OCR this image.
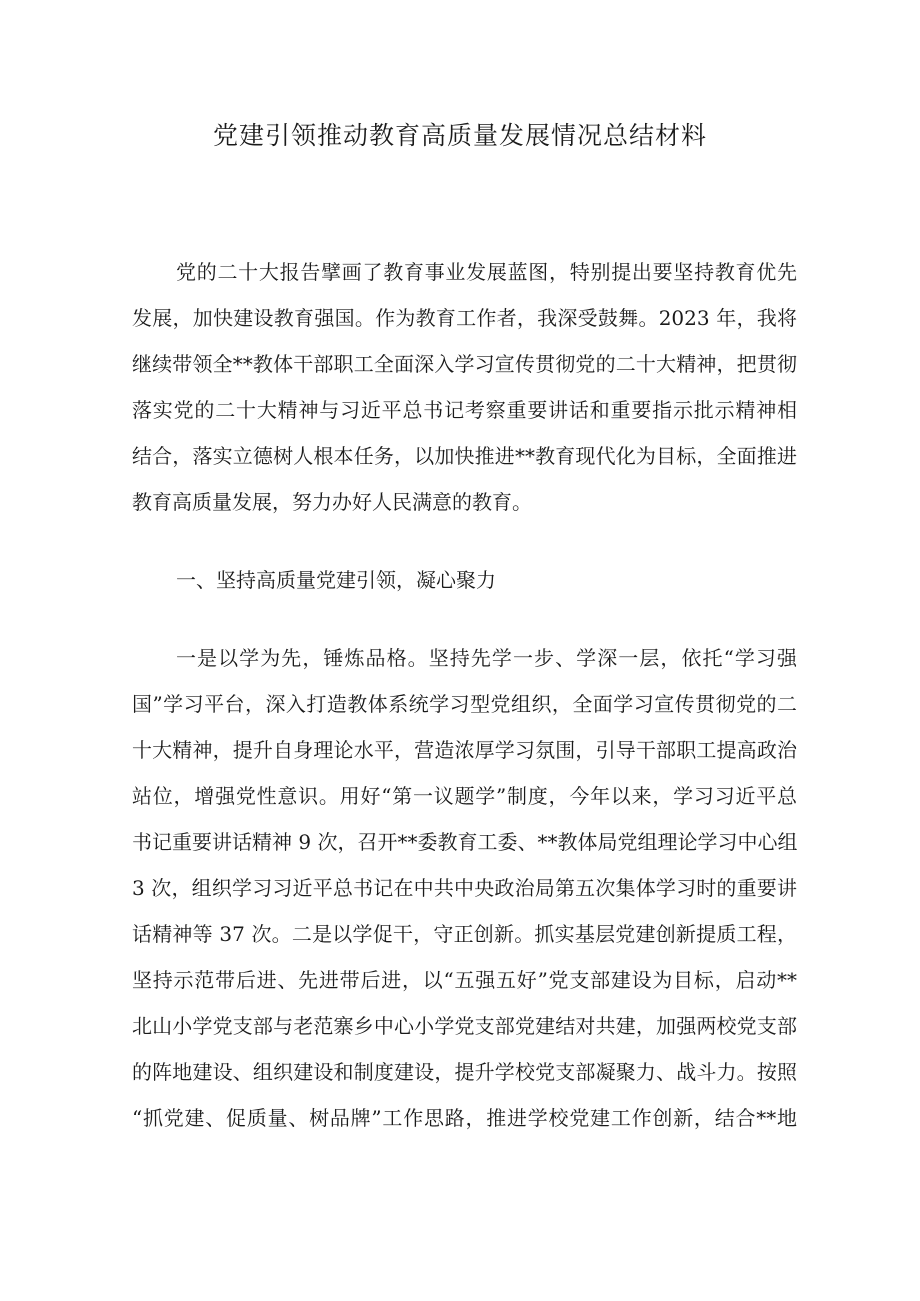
党建引领推动教育高质量发展情况总结材料
党的二十大报告擘画了教育事业发展蓝图，特别提出要坚持教育优先
发展，加快建设教育强国。作为教育工作者，我深受鼓舞。2023 年，我将
继续带领全**教体干部职工全面深入学习宣传贯彻党的二十大精神，把贯彻
落实党的二十大精神与习近平总书记考察重要讲话和重要指示批示精神相
结合，落实立德树人根本任务，以加快推进**教育现代化为目标，全面推进
教育高质量发展，努力办好人民满意的教育。
一、坚持高质量党建引领，凝心聚力
一是以学为先，锤炼品格。坚持先学一步、学深一层，依托“学习强
国”学习平台，深入打造教体系统学习型党组织，全面学习宣传贯彻党的二
十大精神，提升自身理论水平，营造浓厚学习氛围，引导干部职工提高政治
站位，增强党性意识。用好“第一议题学”制度，今年以来，学习习近平总
书记重要讲话精神 9 次，召开**委教育工委、**教体局党组理论学习中心组
3 次，组织学习习近平总书记在中共中央政治局第五次集体学习时的重要讲
话精神等 37 次。二是以学促干，守正创新。抓实基层党建创新提质工程，
坚持示范带后进、先进带后进，以“五强五好”党支部建设为目标，启动**
北山小学党支部与老范寨乡中心小学党支部党建结对共建，加强两校党支部
的阵地建设、组织建设和制度建设，提升学校党支部凝聚力、战斗力。按照
“抓党建、促质量、树品牌”工作思路，推进学校党建工作创新，结合**地
